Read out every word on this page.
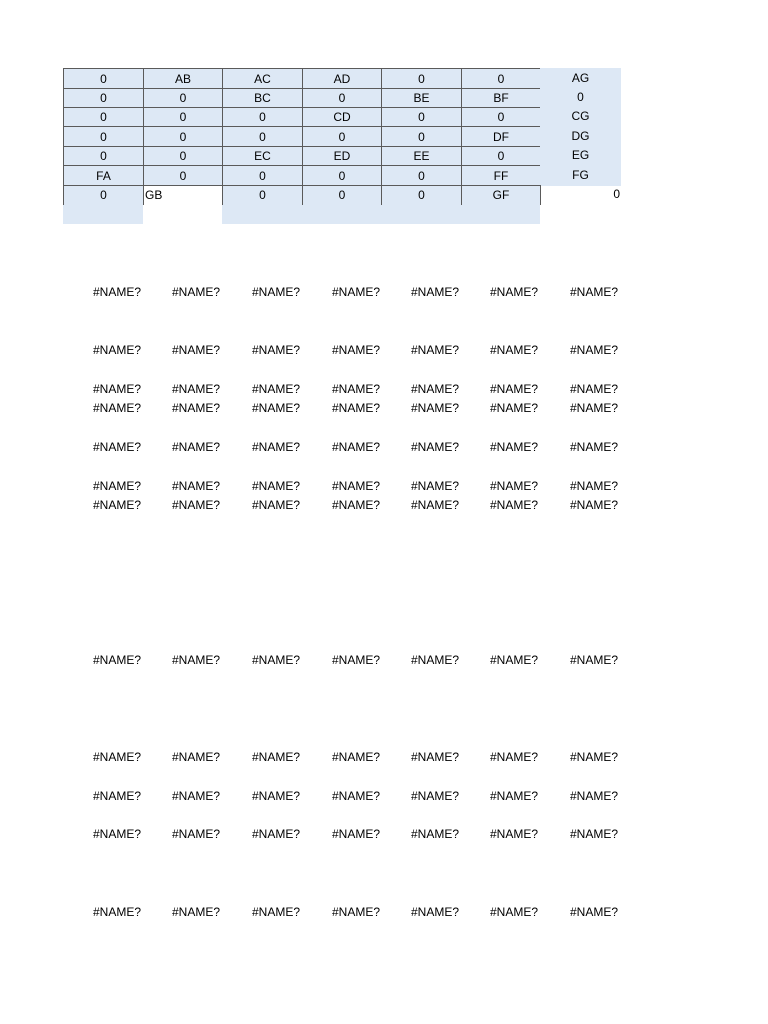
0	AB	AC	AD	0	0	AG
0	0	BC	0	BE	BF	0
0	0	0	CD	0	0	CG
0	0	0	0	0	DF	DG
0	0	EC	ED	EE	0	EG
FA	0	0	0	0	FF	FG
0	GB	0	0	0	GF	0
#NAME?	#NAME?	#NAME?	#NAME?	#NAME?	#NAME?	#NAME?
#NAME?	#NAME?	#NAME?	#NAME?	#NAME?	#NAME?	#NAME?
#NAME?	#NAME?	#NAME?	#NAME?	#NAME?	#NAME?	#NAME?
#NAME?	#NAME?	#NAME?	#NAME?	#NAME?	#NAME?	#NAME?
#NAME?	#NAME?	#NAME?	#NAME?	#NAME?	#NAME?	#NAME?
#NAME?	#NAME?	#NAME?	#NAME?	#NAME?	#NAME?	#NAME?
#NAME?	#NAME?	#NAME?	#NAME?	#NAME?	#NAME?	#NAME?
#NAME?	#NAME?	#NAME?	#NAME?	#NAME?	#NAME?	#NAME?
#NAME?	#NAME?	#NAME?	#NAME?	#NAME?	#NAME?	#NAME?
#NAME?	#NAME?	#NAME?	#NAME?	#NAME?	#NAME?	#NAME?
#NAME?	#NAME?	#NAME?	#NAME?	#NAME?	#NAME?	#NAME?
#NAME?	#NAME?	#NAME?	#NAME?	#NAME?	#NAME?	#NAME?
